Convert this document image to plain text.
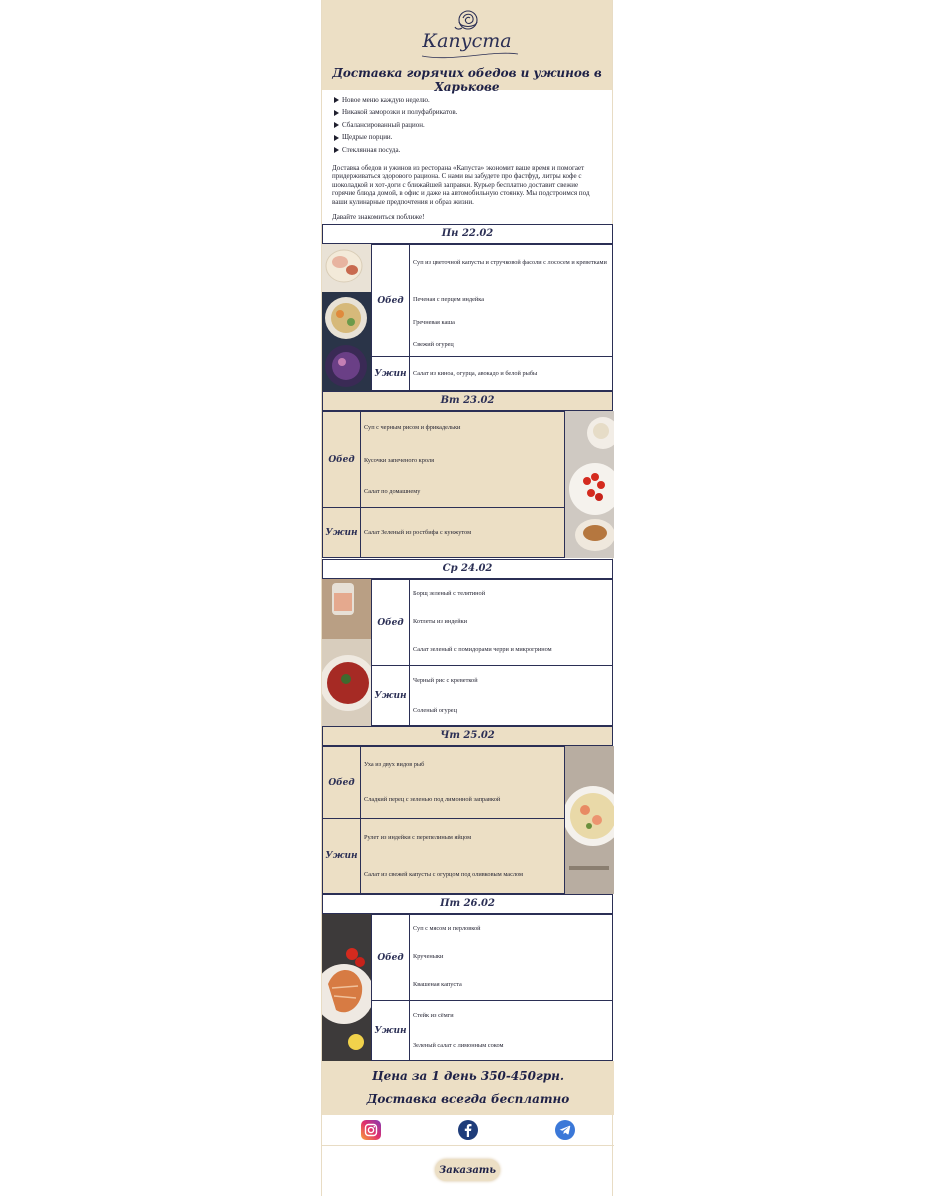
Капуста
Доставка горячих обедов и ужинов в Харькове
Новое меню каждую неделю.
Никакой заморозки и полуфабрикатов.
Сбалансированный рацион.
Щедрые порции.
Стеклянная посуда.
Доставка обедов и ужинов из ресторана «Капуста» экономит ваше время и помогает придерживаться здорового рациона. С нами вы забудете про фастфуд, литры кофе с шоколадкой и хот-доги с ближайшей заправки. Курьер бесплатно доставит свежие горячие блюда домой, в офис и даже на автомобильную стоянку. Мы подстроимся под ваши кулинарные предпочтения и образ жизни.
Давайте знакомиться поближе!
Пн 22.02
Обед
Суп из цветочной капусты и стручковой фасоли с лососем и креветками
Печеная с перцем индейка
Гречневая каша
Свежий огурец
Ужин	Салат из киноа, огурца, авокадо и белой рыбы
Вт 23.02
Обед
Суп с черным рисом и фрикадельки
Кусочки запеченого кроля
Салат по домашнему
Ужин	Салат Зеленый из ростбифа с кунжутом
Ср 24.02
Обед
Борщ зеленый с телятиной
Котлеты из индейки
Салат зеленый с помидорами черри и микрогрином
Ужин
Черный рис с креветкой
Соленый огурец
Чт 25.02
Обед
Уха из двух видов рыб
Сладкий перец с зеленью под лимонной заправкой
Ужин
Рулет из индейки с перепелиным яйцом
Салат из свежей капусты с огурцом под оливковым маслом
Пт 26.02
Обед
Суп с мясом и перловкой
Крученыки
Квашеная капуста
Ужин
Стейк из сёмги
Зеленый салат с лимонным соком
Цена за 1 день 350-450грн.
Доставка всегда бесплатно
Заказать
